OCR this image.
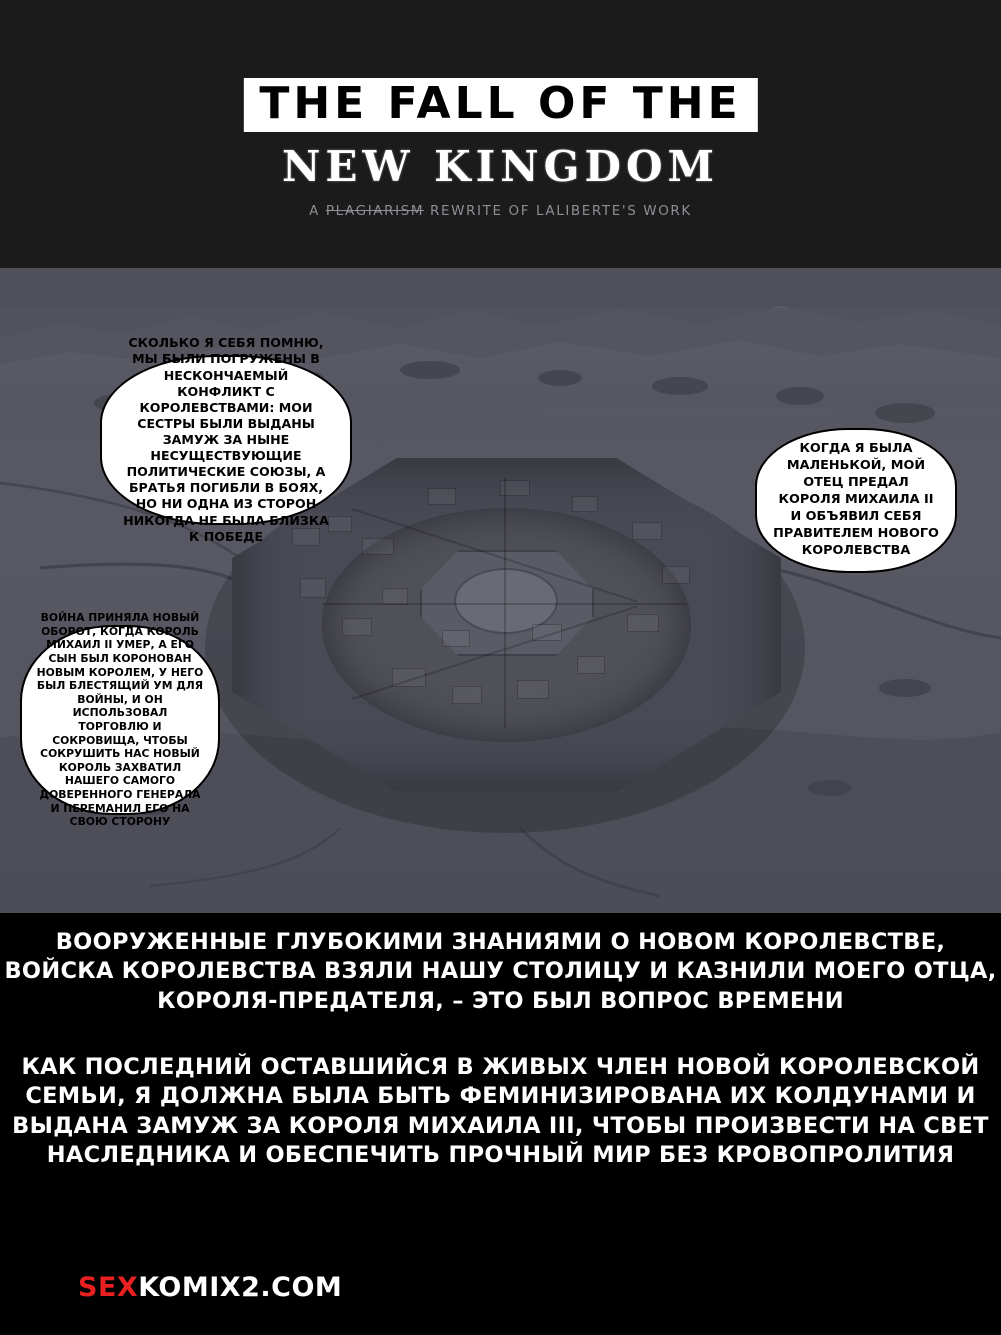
THE FALL OF THE
NEW KINGDOM
A PLAGIARISM REWRITE OF LALIBERTE'S WORK
СКОЛЬКО Я СЕБЯ ПОМНЮ, МЫ БЫЛИ ПОГРУЖЕНЫ В НЕСКОНЧАЕМЫЙ КОНФЛИКТ С КОРОЛЕВСТВАМИ: МОИ СЕСТРЫ БЫЛИ ВЫДАНЫ ЗАМУЖ ЗА НЫНЕ НЕСУЩЕСТВУЮЩИЕ ПОЛИТИЧЕСКИЕ СОЮЗЫ, А БРАТЬЯ ПОГИБЛИ В БОЯХ, НО НИ ОДНА ИЗ СТОРОН НИКОГДА НЕ БЫЛА БЛИЗКА К ПОБЕДЕ
КОГДА Я БЫЛА МАЛЕНЬКОЙ, МОЙ ОТЕЦ ПРЕДАЛ КОРОЛЯ МИХАИЛА II И ОБЪЯВИЛ СЕБЯ ПРАВИТЕЛЕМ НОВОГО КОРОЛЕВСТВА
ВОЙНА ПРИНЯЛА НОВЫЙ ОБОРОТ, КОГДА КОРОЛЬ МИХАИЛ II УМЕР, А ЕГО СЫН БЫЛ КОРОНОВАН НОВЫМ КОРОЛЕМ, У НЕГО БЫЛ БЛЕСТЯЩИЙ УМ ДЛЯ ВОЙНЫ, И ОН ИСПОЛЬЗОВАЛ ТОРГОВЛЮ И СОКРОВИЩА, ЧТОБЫ СОКРУШИТЬ НАС НОВЫЙ КОРОЛЬ ЗАХВАТИЛ НАШЕГО САМОГО ДОВЕРЕННОГО ГЕНЕРАЛА И ПЕРЕМАНИЛ ЕГО НА СВОЮ СТОРОНУ
ВООРУЖЕННЫЕ ГЛУБОКИМИ ЗНАНИЯМИ О НОВОМ КОРОЛЕВСТВЕ, ВОЙСКА КОРОЛЕВСТВА ВЗЯЛИ НАШУ СТОЛИЦУ И КАЗНИЛИ МОЕГО ОТЦА, КОРОЛЯ-ПРЕДАТЕЛЯ, – ЭТО БЫЛ ВОПРОС ВРЕМЕНИ
КАК ПОСЛЕДНИЙ ОСТАВШИЙСЯ В ЖИВЫХ ЧЛЕН НОВОЙ КОРОЛЕВСКОЙ СЕМЬИ, Я ДОЛЖНА БЫЛА БЫТЬ ФЕМИНИЗИРОВАНА ИХ КОЛДУНАМИ И ВЫДАНА ЗАМУЖ ЗА КОРОЛЯ МИХАИЛА III, ЧТОБЫ ПРОИЗВЕСТИ НА СВЕТ НАСЛЕДНИКА И ОБЕСПЕЧИТЬ ПРОЧНЫЙ МИР БЕЗ КРОВОПРОЛИТИЯ
SEXKOMIX2.COM
